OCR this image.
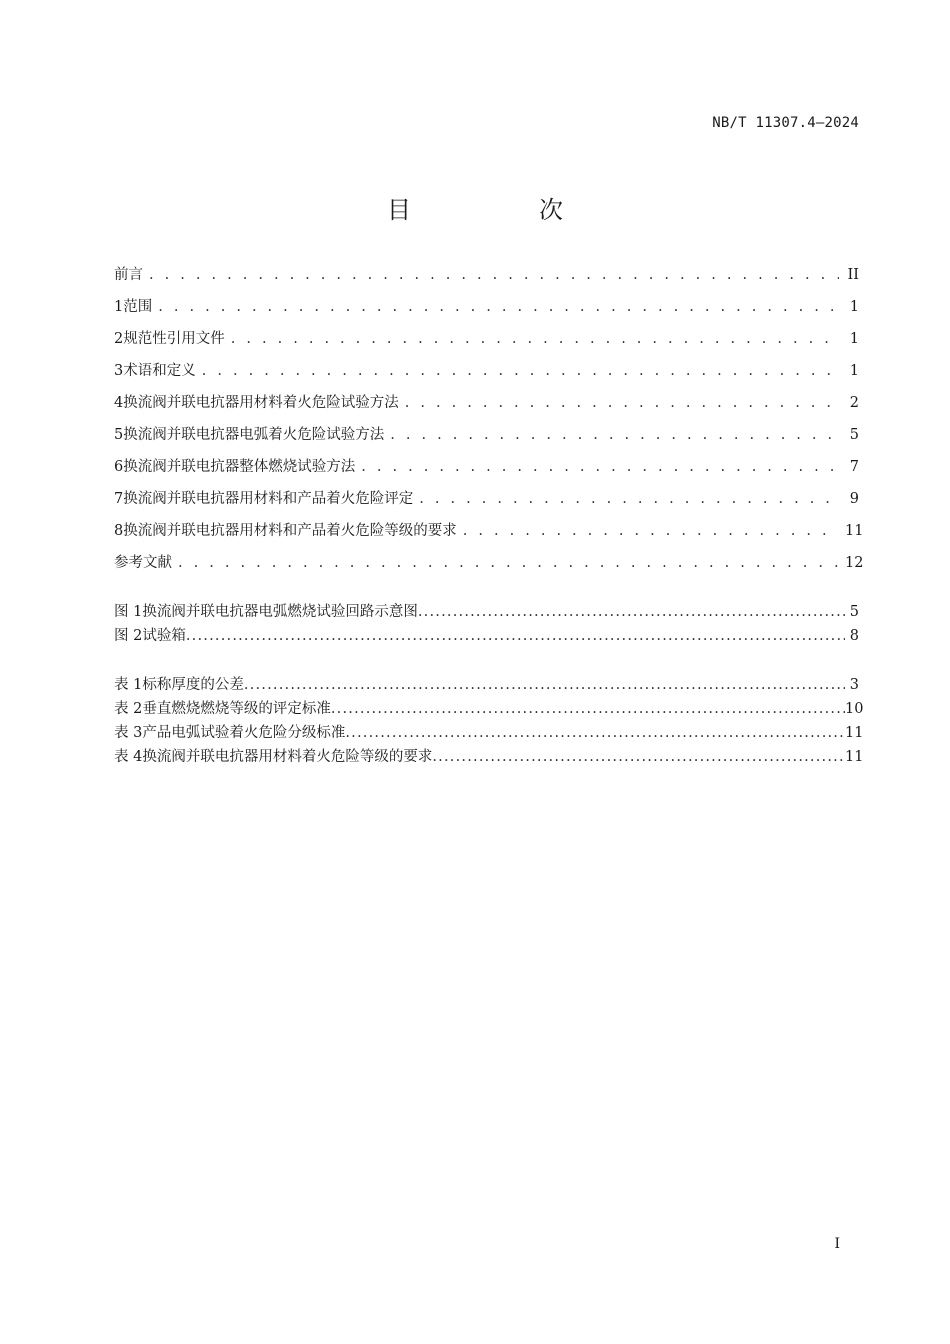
NB/T 11307.4—2024
目　次
前言 . . .	II
1 范围 . . .	1
2 规范性引用文件 . . .	1
3 术语和定义 . . .	1
4 换流阀并联电抗器用材料着火危险试验方法 . . .	2
5 换流阀并联电抗器电弧着火危险试验方法 . . .	5
6 换流阀并联电抗器整体燃烧试验方法 . . .	7
7 换流阀并联电抗器用材料和产品着火危险评定 . . .	9
8 换流阀并联电抗器用材料和产品着火危险等级的要求 . . .	11
参考文献 . . .	12
图 1 换流阀并联电抗器电弧燃烧试验回路示意图 .....	5
图 2 试验箱 .....	8
表 1 标称厚度的公差 .....	3
表 2 垂直燃烧燃烧等级的评定标准 .....	10
表 3 产品电弧试验着火危险分级标准 .....	11
表 4 换流阀并联电抗器用材料着火危险等级的要求 .....	11
I
